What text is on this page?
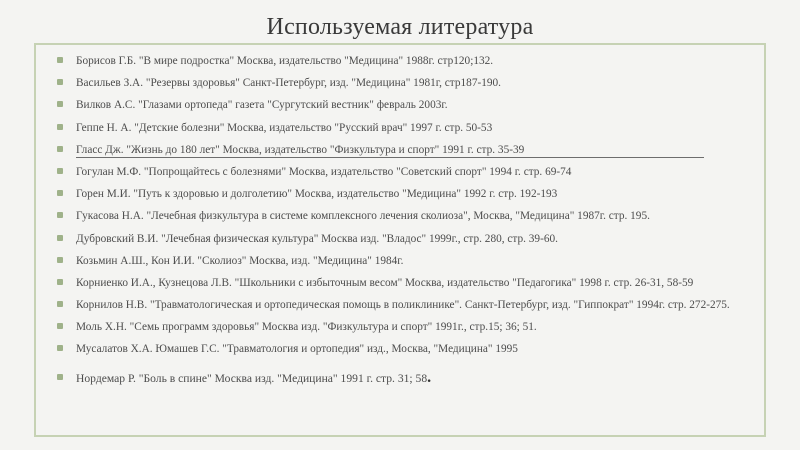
Используемая литература
Борисов Г.Б. "В мире подростка" Москва, издательство "Медицина" 1988г. стр120;132.
Васильев З.А. "Резервы здоровья" Санкт-Петербург, изд. "Медицина" 1981г, стр187-190.
Вилков А.С. "Глазами ортопеда" газета "Сургутский вестник" февраль 2003г.
Геппе Н. А. "Детские болезни" Москва, издательство "Русский врач" 1997 г. стр. 50-53
Гласс Дж. "Жизнь до 180 лет" Москва, издательство "Физкультура и спорт" 1991 г. стр. 35-39
Гогулан М.Ф. "Попрощайтесь с болезнями" Москва, издательство "Советский спорт" 1994 г. стр. 69-74
Горен М.И. "Путь к здоровью и долголетию" Москва, издательство "Медицина" 1992 г. стр. 192-193
Гукасова Н.А. "Лечебная физкультура в системе комплексного лечения сколиоза", Москва, "Медицина" 1987г. стр. 195.
Дубровский В.И. "Лечебная физическая культура" Москва изд. "Владос" 1999г., стр. 280, стр. 39-60.
Козьмин А.Ш., Кон И.И. "Сколиоз" Москва, изд. "Медицина" 1984г.
Корниенко И.А., Кузнецова Л.В. "Школьники с избыточным весом" Москва, издательство "Педагогика" 1998 г. стр. 26-31, 58-59
Корнилов Н.В. "Травматологическая и ортопедическая помощь в поликлинике". Санкт-Петербург, изд. "Гиппократ" 1994г. стр. 272-275.
Моль Х.Н. "Семь программ здоровья" Москва изд. "Физкультура и спорт" 1991г., стр.15; 36; 51.
Мусалатов Х.А. Юмашев Г.С. "Травматология и ортопедия" изд., Москва, "Медицина" 1995
Нордемар Р. "Боль в спине" Москва изд. "Медицина" 1991 г. стр. 31; 58.
